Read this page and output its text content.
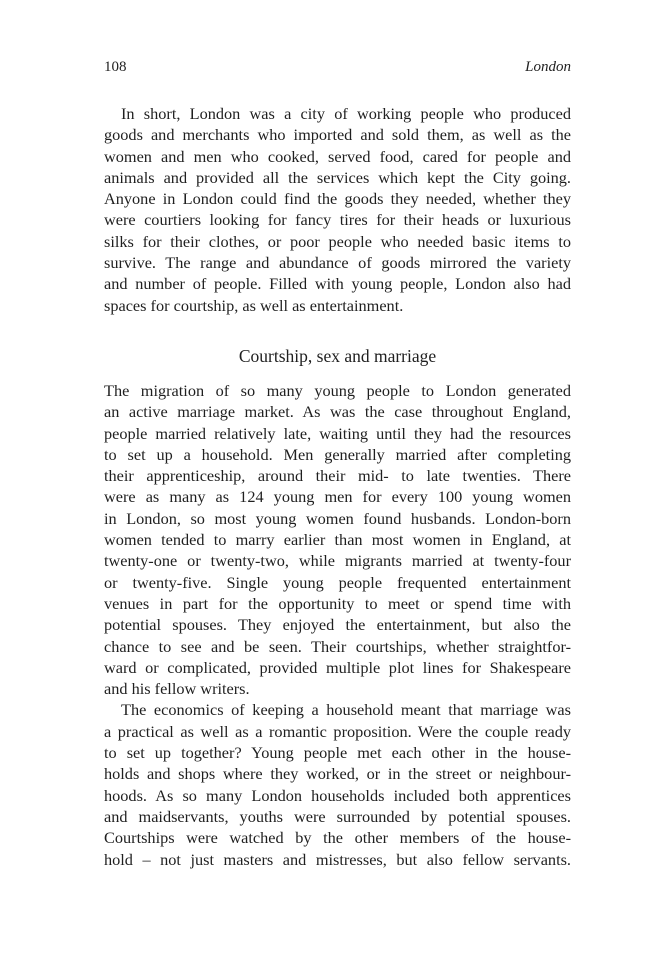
108	London
In short, London was a city of working people who produced
goods and merchants who imported and sold them, as well as the
women and men who cooked, served food, cared for people and
animals and provided all the services which kept the City going.
Anyone in London could find the goods they needed, whether they
were courtiers looking for fancy tires for their heads or luxurious
silks for their clothes, or poor people who needed basic items to
survive. The range and abundance of goods mirrored the variety
and number of people. Filled with young people, London also had
spaces for courtship, as well as entertainment.
Courtship, sex and marriage
The migration of so many young people to London generated
an active marriage market. As was the case throughout England,
people married relatively late, waiting until they had the resources
to set up a household. Men generally married after completing
their apprenticeship, around their mid- to late twenties. There
were as many as 124 young men for every 100 young women
in London, so most young women found husbands. London-born
women tended to marry earlier than most women in England, at
twenty-one or twenty-two, while migrants married at twenty-four
or twenty-five. Single young people frequented entertainment
venues in part for the opportunity to meet or spend time with
potential spouses. They enjoyed the entertainment, but also the
chance to see and be seen. Their courtships, whether straightfor-
ward or complicated, provided multiple plot lines for Shakespeare
and his fellow writers.
The economics of keeping a household meant that marriage was
a practical as well as a romantic proposition. Were the couple ready
to set up together? Young people met each other in the house-
holds and shops where they worked, or in the street or neighbour-
hoods. As so many London households included both apprentices
and maidservants, youths were surrounded by potential spouses.
Courtships were watched by the other members of the house-
hold – not just masters and mistresses, but also fellow servants.
